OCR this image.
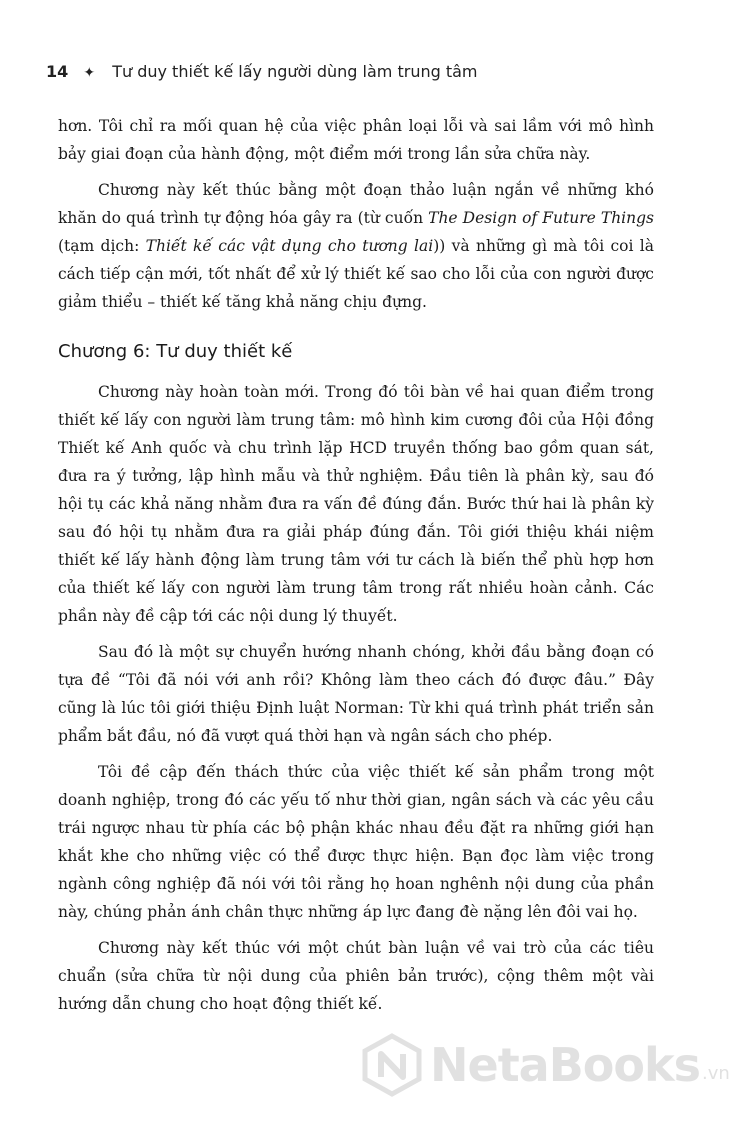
14 ✦ Tư duy thiết kế lấy người dùng làm trung tâm

hơn. Tôi chỉ ra mối quan hệ của việc phân loại lỗi và sai lầm với mô hình bảy giai đoạn của hành động, một điểm mới trong lần sửa chữa này.

Chương này kết thúc bằng một đoạn thảo luận ngắn về những khó khăn do quá trình tự động hóa gây ra (từ cuốn The Design of Future Things (tạm dịch: Thiết kế các vật dụng cho tương lai)) và những gì mà tôi coi là cách tiếp cận mới, tốt nhất để xử lý thiết kế sao cho lỗi của con người được giảm thiểu – thiết kế tăng khả năng chịu đựng.

Chương 6: Tư duy thiết kế

Chương này hoàn toàn mới. Trong đó tôi bàn về hai quan điểm trong thiết kế lấy con người làm trung tâm: mô hình kim cương đôi của Hội đồng Thiết kế Anh quốc và chu trình lặp HCD truyền thống bao gồm quan sát, đưa ra ý tưởng, lập hình mẫu và thử nghiệm. Đầu tiên là phân kỳ, sau đó hội tụ các khả năng nhằm đưa ra vấn đề đúng đắn. Bước thứ hai là phân kỳ sau đó hội tụ nhằm đưa ra giải pháp đúng đắn. Tôi giới thiệu khái niệm thiết kế lấy hành động làm trung tâm với tư cách là biến thể phù hợp hơn của thiết kế lấy con người làm trung tâm trong rất nhiều hoàn cảnh. Các phần này đề cập tới các nội dung lý thuyết.

Sau đó là một sự chuyển hướng nhanh chóng, khởi đầu bằng đoạn có tựa đề “Tôi đã nói với anh rồi? Không làm theo cách đó được đâu.” Đây cũng là lúc tôi giới thiệu Định luật Norman: Từ khi quá trình phát triển sản phẩm bắt đầu, nó đã vượt quá thời hạn và ngân sách cho phép.

Tôi đề cập đến thách thức của việc thiết kế sản phẩm trong một doanh nghiệp, trong đó các yếu tố như thời gian, ngân sách và các yêu cầu trái ngược nhau từ phía các bộ phận khác nhau đều đặt ra những giới hạn khắt khe cho những việc có thể được thực hiện. Bạn đọc làm việc trong ngành công nghiệp đã nói với tôi rằng họ hoan nghênh nội dung của phần này, chúng phản ánh chân thực những áp lực đang đè nặng lên đôi vai họ.

Chương này kết thúc với một chút bàn luận về vai trò của các tiêu chuẩn (sửa chữa từ nội dung của phiên bản trước), cộng thêm một vài hướng dẫn chung cho hoạt động thiết kế.

NetaBooks .vn
